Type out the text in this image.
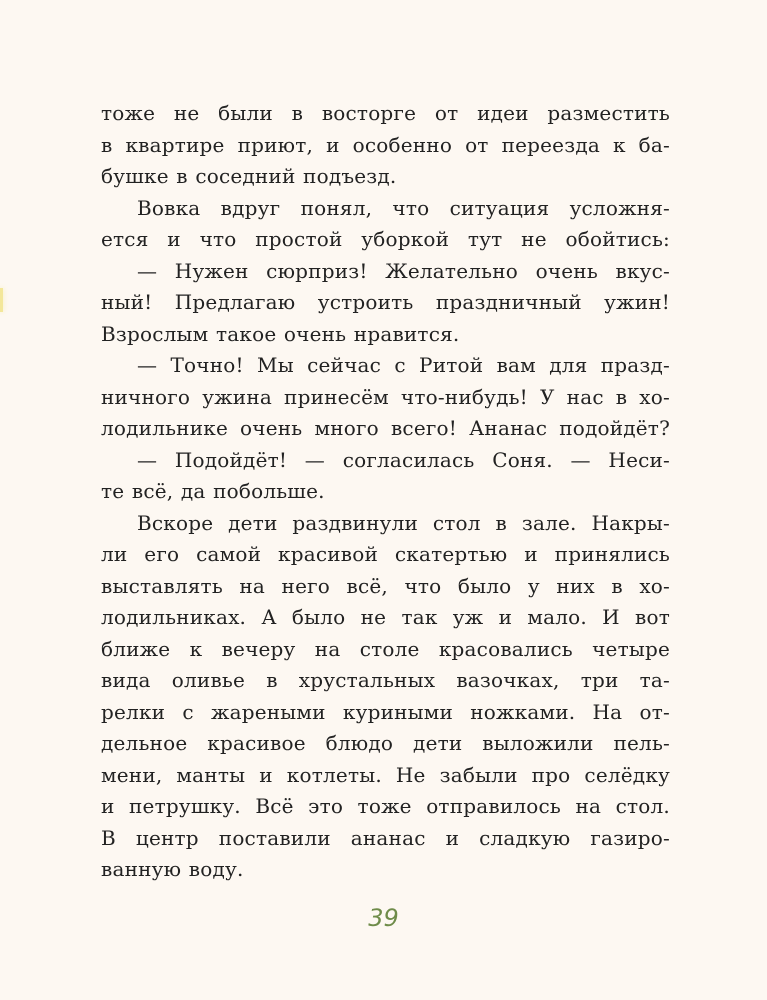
тоже не были в восторге от идеи разместить
в квартире приют, и особенно от переезда к ба-
бушке в соседний подъезд.
Вовка вдруг понял, что ситуация усложня-
ется и что простой уборкой тут не обойтись:
— Нужен сюрприз! Желательно очень вкус-
ный! Предлагаю устроить праздничный ужин!
Взрослым такое очень нравится.
— Точно! Мы сейчас с Ритой вам для празд-
ничного ужина принесём что-нибудь! У нас в хо-
лодильнике очень много всего! Ананас подойдёт?
— Подойдёт! — согласилась Соня. — Неси-
те всё, да побольше.
Вскоре дети раздвинули стол в зале. Накры-
ли его самой красивой скатертью и принялись
выставлять на него всё, что было у них в хо-
лодильниках. А было не так уж и мало. И вот
ближе к вечеру на столе красовались четыре
вида оливье в хрустальных вазочках, три та-
релки с жареными куриными ножками. На от-
дельное красивое блюдо дети выложили пель-
мени, манты и котлеты. Не забыли про селёдку
и петрушку. Всё это тоже отправилось на стол.
В центр поставили ананас и сладкую газиро-
ванную воду.
39
